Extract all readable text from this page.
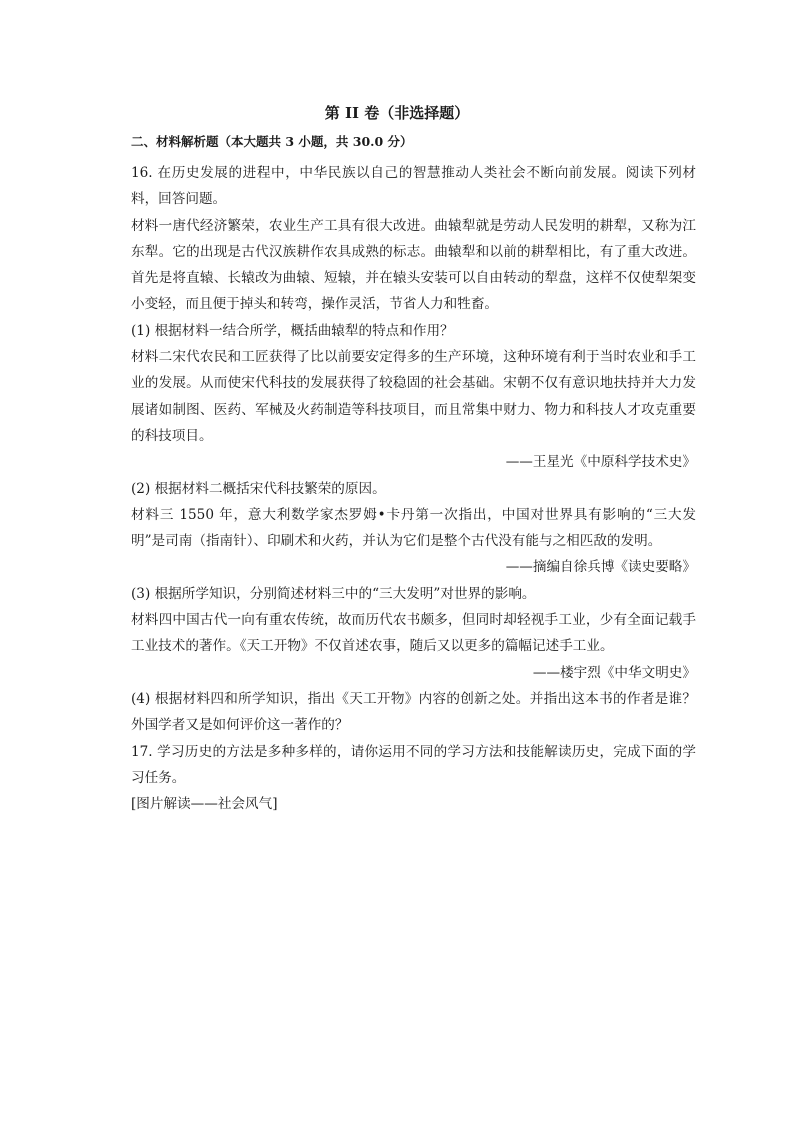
第 II 卷（非选择题）
二、材料解析题（本大题共 3 小题，共 30.0 分）

16. 在历史发展的进程中，中华民族以自己的智慧推动人类社会不断向前发展。阅读下列材料，回答问题。

材料一唐代经济繁荣，农业生产工具有很大改进。曲辕犁就是劳动人民发明的耕犁，又称为江东犁。它的出现是古代汉族耕作农具成熟的标志。曲辕犁和以前的耕犁相比，有了重大改进。首先是将直辕、长辕改为曲辕、短辕，并在辕头安装可以自由转动的犁盘，这样不仅使犁架变小变轻，而且便于掉头和转弯，操作灵活，节省人力和牲畜。

(1) 根据材料一结合所学，概括曲辕犁的特点和作用？

材料二宋代农民和工匠获得了比以前要安定得多的生产环境，这种环境有利于当时农业和手工业的发展。从而使宋代科技的发展获得了较稳固的社会基础。宋朝不仅有意识地扶持并大力发展诸如制图、医药、军械及火药制造等科技项目，而且常集中财力、物力和科技人才攻克重要的科技项目。

——王星光《中原科学技术史》

(2) 根据材料二概括宋代科技繁荣的原因。

材料三 1550 年，意大利数学家杰罗姆•卡丹第一次指出，中国对世界具有影响的“三大发明”是司南（指南针）、印刷术和火药，并认为它们是整个古代没有能与之相匹敌的发明。

——摘编自徐兵博《读史要略》

(3) 根据所学知识，分别简述材料三中的“三大发明”对世界的影响。

材料四中国古代一向有重农传统，故而历代农书颇多，但同时却轻视手工业，少有全面记载手工业技术的著作。《天工开物》不仅首述农事，随后又以更多的篇幅记述手工业。

——楼宇烈《中华文明史》

(4) 根据材料四和所学知识，指出《天工开物》内容的创新之处。并指出这本书的作者是谁？外国学者又是如何评价这一著作的？

17. 学习历史的方法是多种多样的，请你运用不同的学习方法和技能解读历史，完成下面的学习任务。

[图片解读——社会风气]
